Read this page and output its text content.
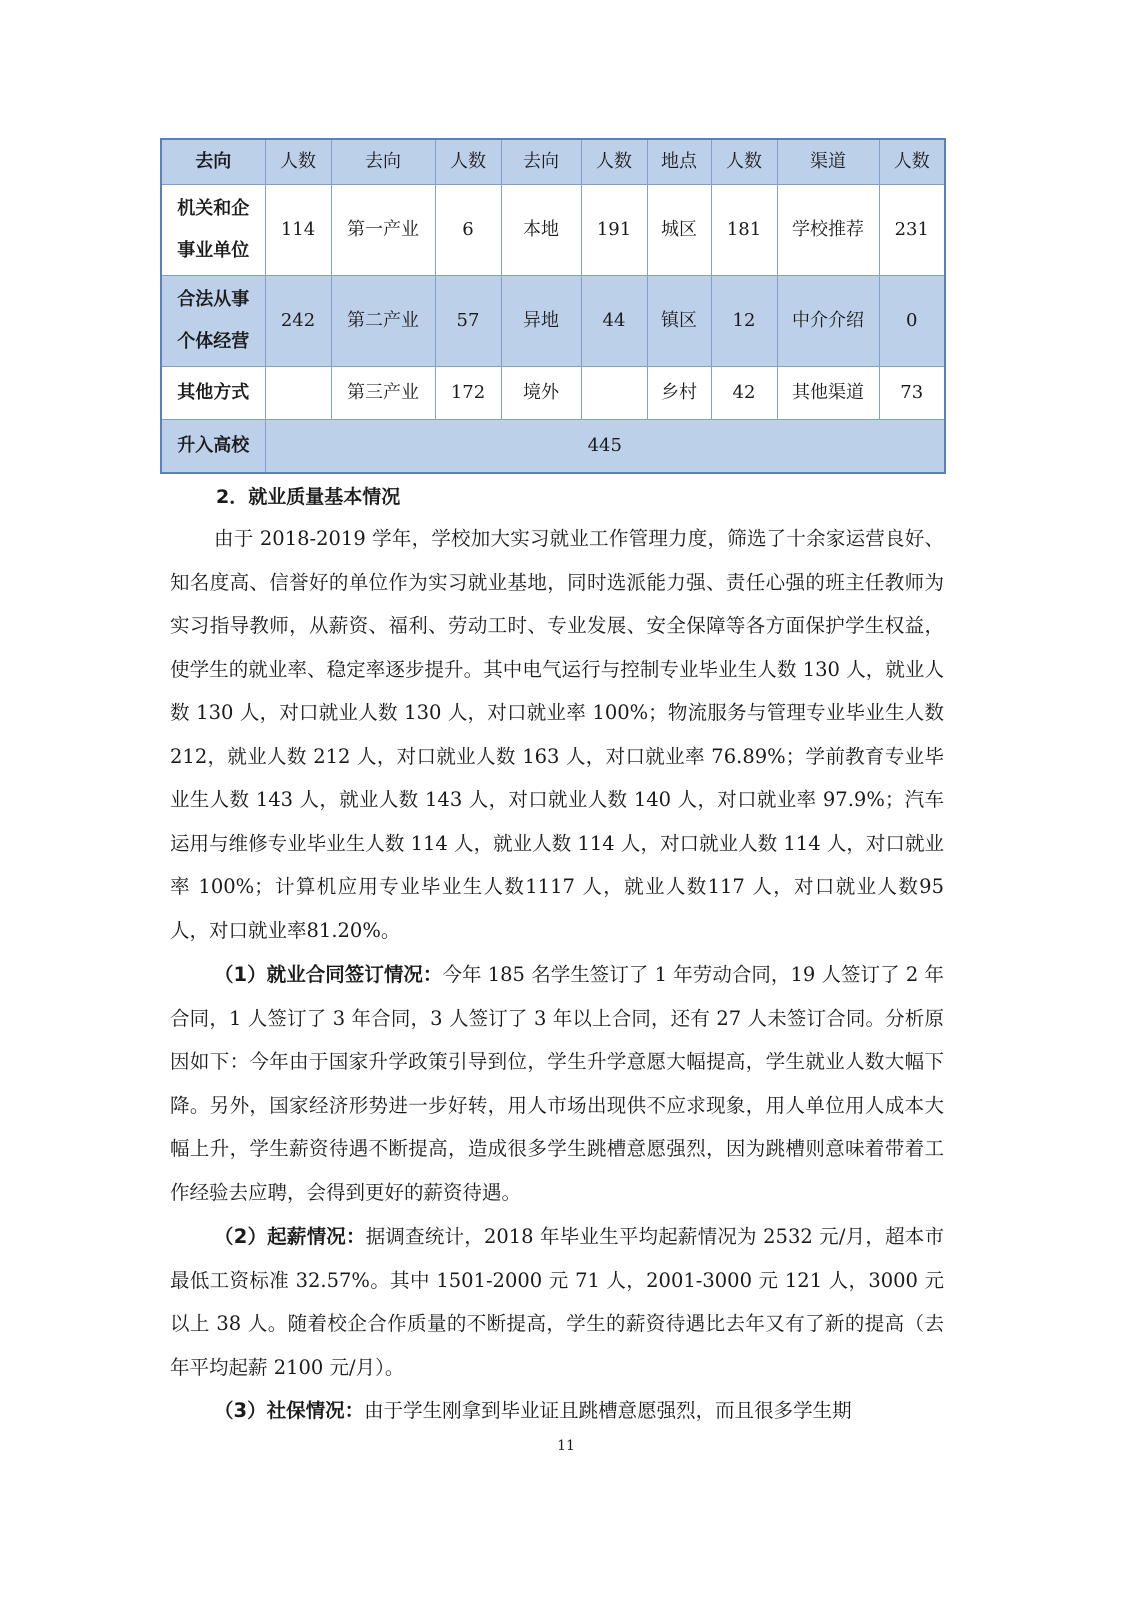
去向	人数	去向	人数	去向	人数	地点	人数	渠道	人数

机关和企
事业单位	114	第一产业	6	本地	191	城区	181	学校推荐	231

合法从事
个体经营	242	第二产业	57	异地	44	镇区	12	中介介绍	0
其他方式		第三产业	172	境外		乡村	42	其他渠道	73
升入高校	445								
2．就业质量基本情况

由于 2018-2019 学年，学校加大实习就业工作管理力度，筛选了十余家运营良好、知名度高、信誉好的单位作为实习就业基地，同时选派能力强、责任心强的班主任教师为实习指导教师，从薪资、福利、劳动工时、专业发展、安全保障等各方面保护学生权益，使学生的就业率、稳定率逐步提升。其中电气运行与控制专业毕业生人数 130 人，就业人数 130 人，对口就业人数 130 人，对口就业率 100%；物流服务与管理专业毕业生人数 212，就业人数 212 人，对口就业人数 163 人，对口就业率 76.89%；学前教育专业毕业生人数 143 人，就业人数 143 人，对口就业人数 140 人，对口就业率 97.9%；汽车运用与维修专业毕业生人数 114 人，就业人数 114 人，对口就业人数 114 人，对口就业率 100%；计算机应用专业毕业生人数1117 人，就业人数117 人，对口就业人数95 人，对口就业率81.20%。

（1）就业合同签订情况：今年 185 名学生签订了 1 年劳动合同，19 人签订了 2 年合同，1 人签订了 3 年合同，3 人签订了 3 年以上合同，还有 27 人未签订合同。分析原因如下：今年由于国家升学政策引导到位，学生升学意愿大幅提高，学生就业人数大幅下降。另外，国家经济形势进一步好转，用人市场出现供不应求现象，用人单位用人成本大幅上升，学生薪资待遇不断提高，造成很多学生跳槽意愿强烈，因为跳槽则意味着带着工作经验去应聘，会得到更好的薪资待遇。

（2）起薪情况：据调查统计，2018 年毕业生平均起薪情况为 2532 元/月，超本市最低工资标准 32.57%。其中 1501-2000 元 71 人，2001-3000 元 121 人，3000 元以上 38 人。随着校企合作质量的不断提高，学生的薪资待遇比去年又有了新的提高（去年平均起薪 2100 元/月）。

（3）社保情况：由于学生刚拿到毕业证且跳槽意愿强烈，而且很多学生期

11
